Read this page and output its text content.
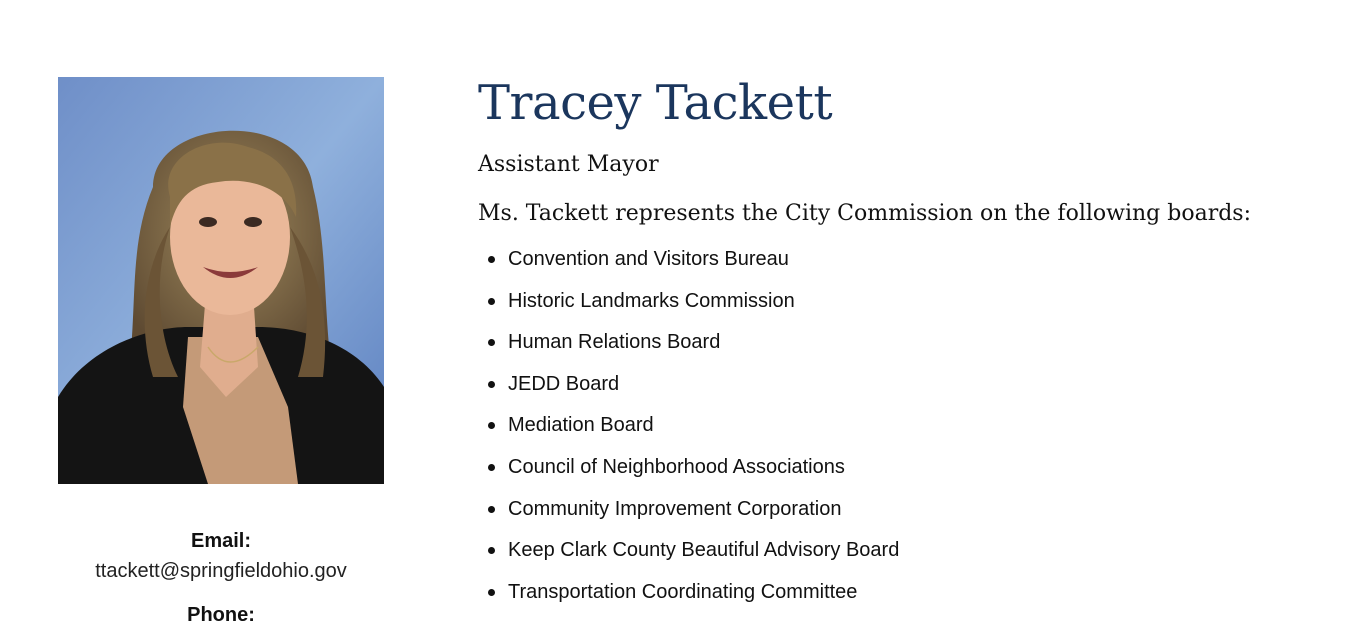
Email:
ttackett@springfieldohio.gov
Phone:
Tracey Tackett
Assistant Mayor
Ms. Tackett represents the City Commission on the following boards:
Convention and Visitors Bureau
Historic Landmarks Commission
Human Relations Board
JEDD Board
Mediation Board
Council of Neighborhood Associations
Community Improvement Corporation
Keep Clark County Beautiful Advisory Board
Transportation Coordinating Committee
